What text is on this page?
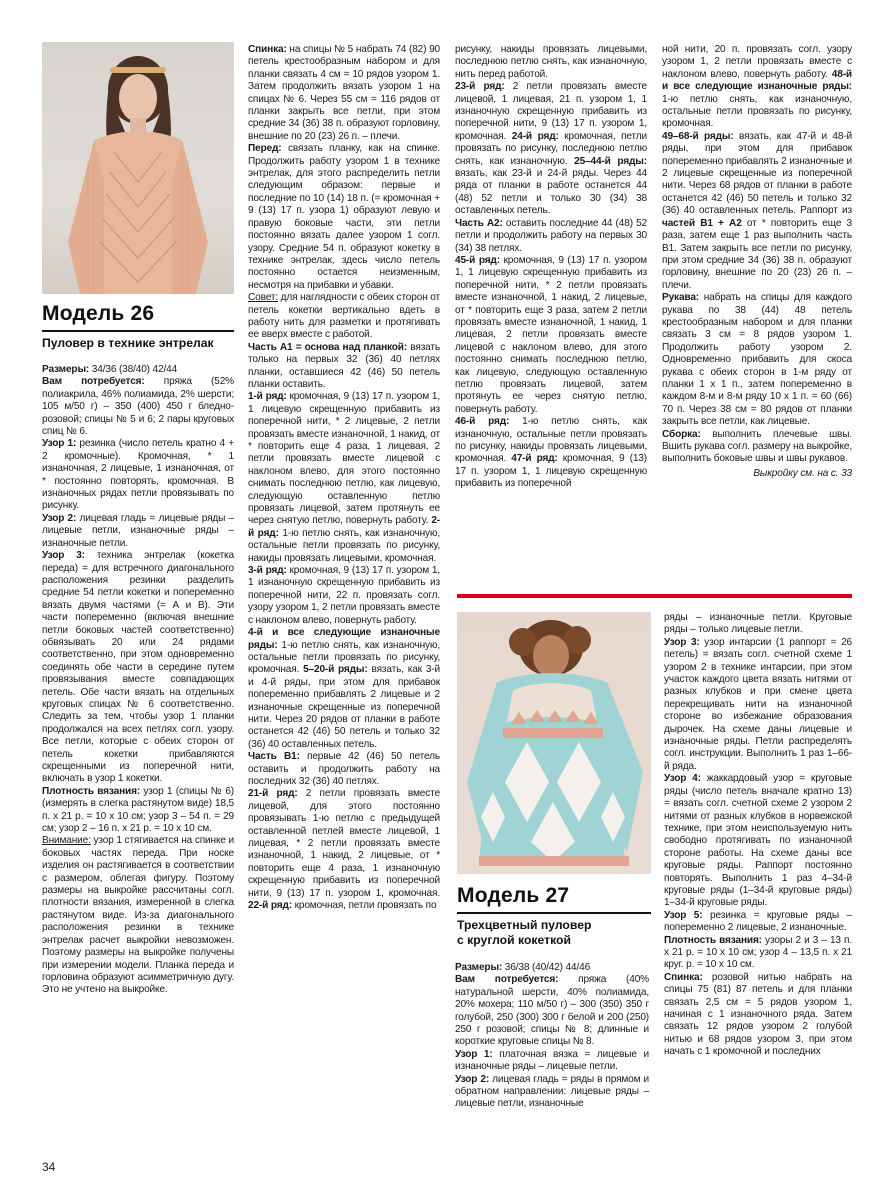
Модель 26
Пуловер в технике энтрелак

Размеры: 34/36 (38/40) 42/44

Вам потребуется: пряжа (52% полиакрила, 46% полиамида, 2% шерсти; 105 м/50 г) – 350 (400) 450 г бледно-розовой; спицы № 5 и 6; 2 пары круговых спиц № 6.

Узор 1: резинка (число петель кратно 4 + 2 кромочные). Кромочная, * 1 изнаночная, 2 лицевые, 1 изнаночная, от * постоянно повторять, кромочная. В изнаночных рядах петли провязывать по рисунку.

Узор 2: лицевая гладь = лицевые ряды – лицевые петли, изнаночные ряды – изнаночные петли.

Узор 3: техника энтрелак (кокетка переда) = для встречного диагонального расположения резинки разделить средние 54 петли кокетки и попеременно вязать двумя частями (= А и В). Эти части попеременно (включая внешние петли боковых частей соответственно) обвязывать 20 или 24 рядами соответственно, при этом одновременно соединять обе части в середине путем провязывания вместе совпадающих петель. Обе части вязать на отдельных круговых спицах № 6 соответственно. Следить за тем, чтобы узор 1 планки продолжался на всех петлях согл. узору. Все петли, которые с обеих сторон от петель кокетки прибавляются скрещенными из поперечной нити, включать в узор 1 кокетки.

Плотность вязания: узор 1 (спицы № 6) (измерять в слегка растянутом виде) 18,5 п. х 21 р. = 10 х 10 см; узор 3 – 54 п. = 29 см; узор 2 – 16 п. х 21 р. = 10 х 10 см.

Внимание: узор 1 стягивается на спинке и боковых частях переда. При носке изделия он растягивается в соответствии с размером, облегая фигуру. Поэтому размеры на выкройке рассчитаны согл. плотности вязания, измеренной в слегка растянутом виде. Из-за диагонального расположения резинки в технике энтрелак расчет выкройки невозможен. Поэтому размеры на выкройке получены при измерении модели. Планка переда и горловина образуют асимметричную дугу. Это не учтено на выкройке.

Спинка: на спицы № 5 набрать 74 (82) 90 петель крестообразным набором и для планки связать 4 см = 10 рядов узором 1. Затем продолжить вязать узором 1 на спицах № 6. Через 55 см = 116 рядов от планки закрыть все петли, при этом средние 34 (36) 38 п. образуют горловину, внешние по 20 (23) 26 п. – плечи.

Перед: связать планку, как на спинке. Продолжить работу узором 1 в технике энтрелак, для этого распределить петли следующим образом: первые и последние по 10 (14) 18 п. (= кромочная + 9 (13) 17 п. узора 1) образуют левую и правую боковые части, эти петли постоянно вязать далее узором 1 согл. узору. Средние 54 п. образуют кокетку в технике энтрелак, здесь число петель постоянно остается неизменным, несмотря на прибавки и убавки.

Совет: для наглядности с обеих сторон от петель кокетки вертикально вдеть в работу нить для разметки и протягивать ее вверх вместе с работой.

Часть А1 = основа над планкой: вязать только на первых 32 (36) 40 петлях планки, оставшиеся 42 (46) 50 петель планки оставить.
1-й ряд: кромочная, 9 (13) 17 п. узором 1, 1 лицевую скрещенную прибавить из поперечной нити, * 2 лицевые, 2 петли провязать вместе изнаночной, 1 накид, от * повторить еще 4 раза, 1 лицевая, 2 петли провязать вместе лицевой с наклоном влево, для этого постоянно снимать последнюю петлю, как лицевую, следующую оставленную петлю провязать лицевой, затем протянуть ее через снятую петлю, повернуть работу. 2-й ряд: 1-ю петлю снять, как изнаночную, остальные петли провязать по рисунку, накиды провязать лицевыми, кромочная.
3-й ряд: кромочная, 9 (13) 17 п. узором 1, 1 изнаночную скрещенную прибавить из поперечной нити, 22 п. провязать согл. узору узором 1, 2 петли провязать вместе с наклоном влево, повернуть работу.
4-й и все следующие изнаночные ряды: 1-ю петлю снять, как изнаночную, остальные петли провязать по рисунку, кромочная. 5–20-й ряды: вязать, как 3-й и 4-й ряды, при этом для прибавок попеременно прибавлять 2 лицевые и 2 изнаночные скрещенные из поперечной нити. Через 20 рядов от планки в работе останется 42 (46) 50 петель и только 32 (36) 40 оставленных петель.
Часть В1: первые 42 (46) 50 петель оставить и продолжить работу на последних 32 (36) 40 петлях.
21-й ряд: 2 петли провязать вместе лицевой, для этого постоянно провязывать 1-ю петлю с предыдущей оставленной петлей вместе лицевой, 1 лицевая, * 2 петли провязать вместе изнаночной, 1 накид, 2 лицевые, от * повторить еще 4 раза, 1 изнаночную скрещенную прибавить из поперечной нити, 9 (13) 17 п. узором 1, кромочная. 22-й ряд: кромочная, петли провязать по

рисунку, накиды провязать лицевыми, последнюю петлю снять, как изнаночную, нить перед работой.
23-й ряд: 2 петли провязать вместе лицевой, 1 лицевая, 21 п. узором 1, 1 изнаночную скрещенную прибавить из поперечной нити, 9 (13) 17 п. узором 1, кромочная. 24-й ряд: кромочная, петли провязать по рисунку, последнюю петлю снять, как изнаночную. 25–44-й ряды: вязать, как 23-й и 24-й ряды. Через 44 ряда от планки в работе останется 44 (48) 52 петли и только 30 (34) 38 оставленных петель.
Часть А2: оставить последние 44 (48) 52 петли и продолжить работу на первых 30 (34) 38 петлях.
45-й ряд: кромочная, 9 (13) 17 п. узором 1, 1 лицевую скрещенную прибавить из поперечной нити, * 2 петли провязать вместе изнаночной, 1 накид, 2 лицевые, от * повторить еще 3 раза, затем 2 петли провязать вместе изнаночной, 1 накид, 1 лицевая, 2 петли провязать вместе лицевой с наклоном влево, для этого постоянно снимать последнюю петлю, как лицевую, следующую оставленную петлю провязать лицевой, затем протянуть ее через снятую петлю, повернуть работу.
46-й ряд: 1-ю петлю снять, как изнаночную, остальные петли провязать по рисунку, накиды провязать лицевыми, кромочная. 47-й ряд: кромочная, 9 (13) 17 п. узором 1, 1 лицевую скрещенную прибавить из поперечной

ной нити, 20 п. провязать согл. узору узором 1, 2 петли провязать вместе с наклоном влево, повернуть работу. 48-й и все следующие изнаночные ряды: 1-ю петлю снять, как изнаночную, остальные петли провязать по рисунку, кромочная.
49–68-й ряды: вязать, как 47-й и 48-й ряды, при этом для прибавок попеременно прибавлять 2 изнаночные и 2 лицевые скрещенные из поперечной нити. Через 68 рядов от планки в работе останется 42 (46) 50 петель и только 32 (36) 40 оставленных петель. Раппорт из частей В1 + А2 от * повторить еще 3 раза, затем еще 1 раз выполнить часть В1. Затем закрыть все петли по рисунку, при этом средние 34 (36) 38 п. образуют горловину, внешние по 20 (23) 26 п. – плечи.

Рукава: набрать на спицы для каждого рукава по 38 (44) 48 петель крестообразным набором и для планки связать 3 см = 8 рядов узором 1. Продолжить работу узором 2. Одновременно прибавить для скоса рукава с обеих сторон в 1-м ряду от планки 1 х 1 п., затем попеременно в каждом 8-м и 8-м ряду 10 х 1 п. = 60 (66) 70 п. Через 38 см = 80 рядов от планки закрыть все петли, как лицевые.

Сборка: выполнить плечевые швы. Вшить рукава согл. размеру на выкройке, выполнить боковые швы и швы рукавов.

Выкройку см. на с. 33

Модель 27
Трехцветный пуловер
с круглой кокеткой

Размеры: 36/38 (40/42) 44/46

Вам потребуется: пряжа (40% натуральной шерсти, 40% полиамида, 20% мохера; 110 м/50 г) – 300 (350) 350 г голубой, 250 (300) 300 г белой и 200 (250) 250 г розовой; спицы № 8; длинные и короткие круговые спицы № 8.

Узор 1: платочная вязка = лицевые и изнаночные ряды – лицевые петли.

Узор 2: лицевая гладь = ряды в прямом и обратном направлении: лицевые ряды – лицевые петли, изнаночные

ряды – изнаночные петли. Круговые ряды – только лицевые петли.

Узор 3: узор интарсии (1 раппорт = 26 петель) = вязать согл. счетной схеме 1 узором 2 в технике интарсии, при этом участок каждого цвета вязать нитями от разных клубков и при смене цвета перекрещивать нити на изнаночной стороне во избежание образования дырочек. На схеме даны лицевые и изнаночные ряды. Петли распределять согл. инструкции. Выполнить 1 раз 1–66-й ряда.

Узор 4: жаккардовый узор = круговые ряды (число петель вначале кратно 13) = вязать согл. счетной схеме 2 узором 2 нитями от разных клубков в норвежской технике, при этом неиспользуемую нить свободно протягивать по изнаночной стороне работы. На схеме даны все круговые ряды. Раппорт постоянно повторять. Выполнить 1 раз 4–34-й круговые ряды (1–34-й круговые ряды) 1–34-й круговые ряды.

Узор 5: резинка = круговые ряды – попеременно 2 лицевые, 2 изнаночные.

Плотность вязания: узоры 2 и 3 – 13 п. х 21 р. = 10 х 10 см; узор 4 – 13,5 п. х 21 круг. р. = 10 х 10 см.

Спинка: розовой нитью набрать на спицы 75 (81) 87 петель и для планки связать 2,5 см = 5 рядов узором 1, начиная с 1 изнаночного ряда. Затем связать 12 рядов узором 2 голубой нитью и 68 рядов узором 3, при этом начать с 1 кромочной и последних

34
